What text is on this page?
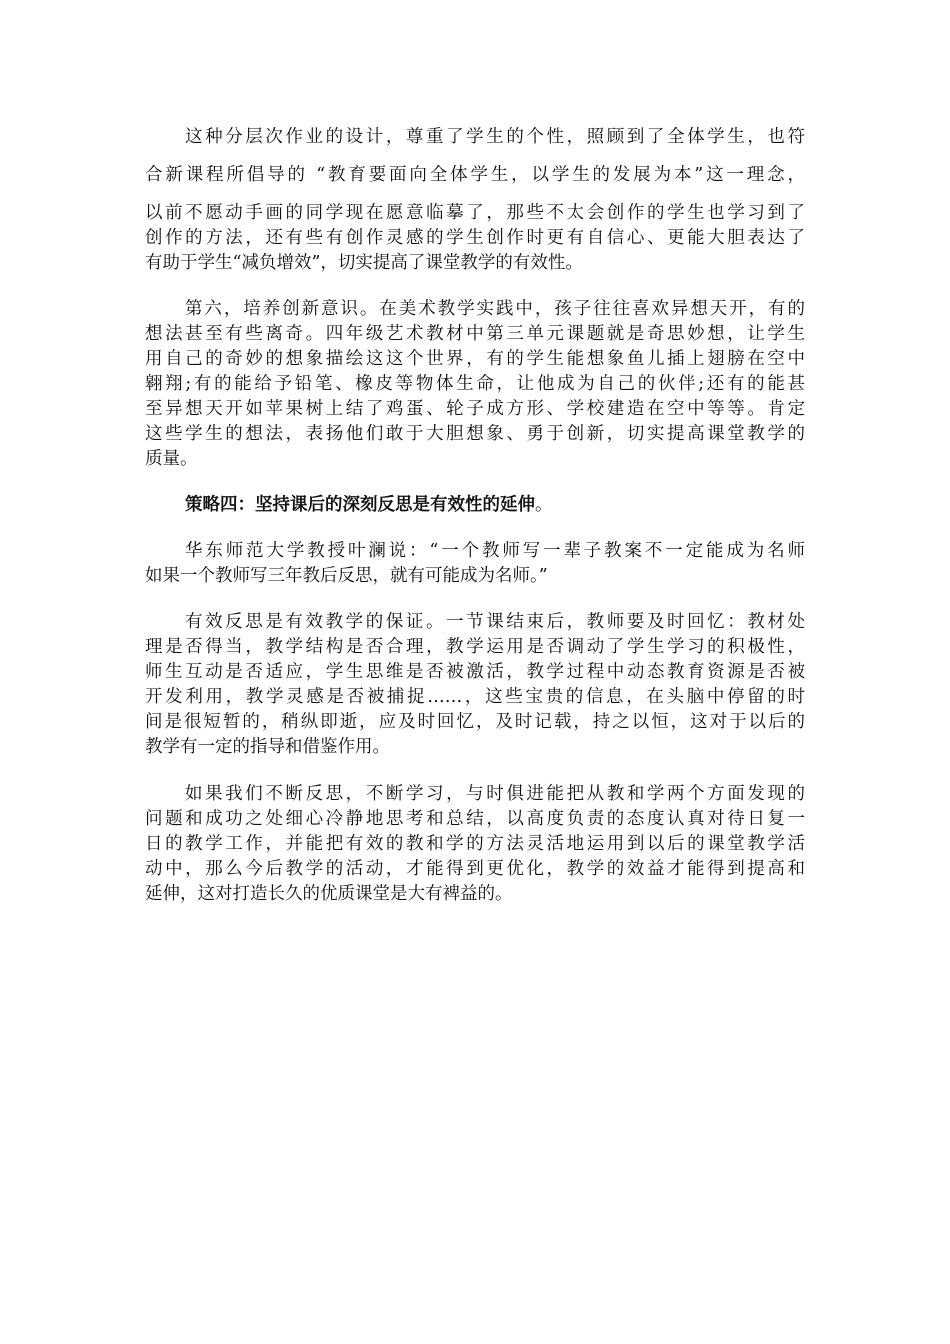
这种分层次作业的设计，尊重了学生的个性，照顾到了全体学生，也符
合新课程所倡导的 “教育要面向全体学生，以学生的发展为本”这一理念，
以前不愿动手画的同学现在愿意临摹了，那些不太会创作的学生也学习到了
创作的方法，还有些有创作灵感的学生创作时更有自信心、更能大胆表达了
有助于学生“减负增效”，切实提高了课堂教学的有效性。
第六，培养创新意识。在美术教学实践中，孩子往往喜欢异想天开，有的
想法甚至有些离奇。四年级艺术教材中第三单元课题就是奇思妙想，让学生
用自己的奇妙的想象描绘这这个世界，有的学生能想象鱼儿插上翅膀在空中
翱翔;有的能给予铅笔、橡皮等物体生命，让他成为自己的伙伴;还有的能甚
至异想天开如苹果树上结了鸡蛋、轮子成方形、学校建造在空中等等。肯定
这些学生的想法，表扬他们敢于大胆想象、勇于创新，切实提高课堂教学的
质量。
策略四：坚持课后的深刻反思是有效性的延伸。
华东师范大学教授叶澜说：“一个教师写一辈子教案不一定能成为名师
如果一个教师写三年教后反思，就有可能成为名师。”
有效反思是有效教学的保证。一节课结束后，教师要及时回忆：教材处
理是否得当，教学结构是否合理，教学运用是否调动了学生学习的积极性，
师生互动是否适应，学生思维是否被激活，教学过程中动态教育资源是否被
开发利用，教学灵感是否被捕捉……，这些宝贵的信息，在头脑中停留的时
间是很短暂的，稍纵即逝，应及时回忆，及时记载，持之以恒，这对于以后的
教学有一定的指导和借鉴作用。
如果我们不断反思，不断学习，与时俱进能把从教和学两个方面发现的
问题和成功之处细心冷静地思考和总结，以高度负责的态度认真对待日复一
日的教学工作，并能把有效的教和学的方法灵活地运用到以后的课堂教学活
动中，那么今后教学的活动，才能得到更优化，教学的效益才能得到提高和
延伸，这对打造长久的优质课堂是大有裨益的。
